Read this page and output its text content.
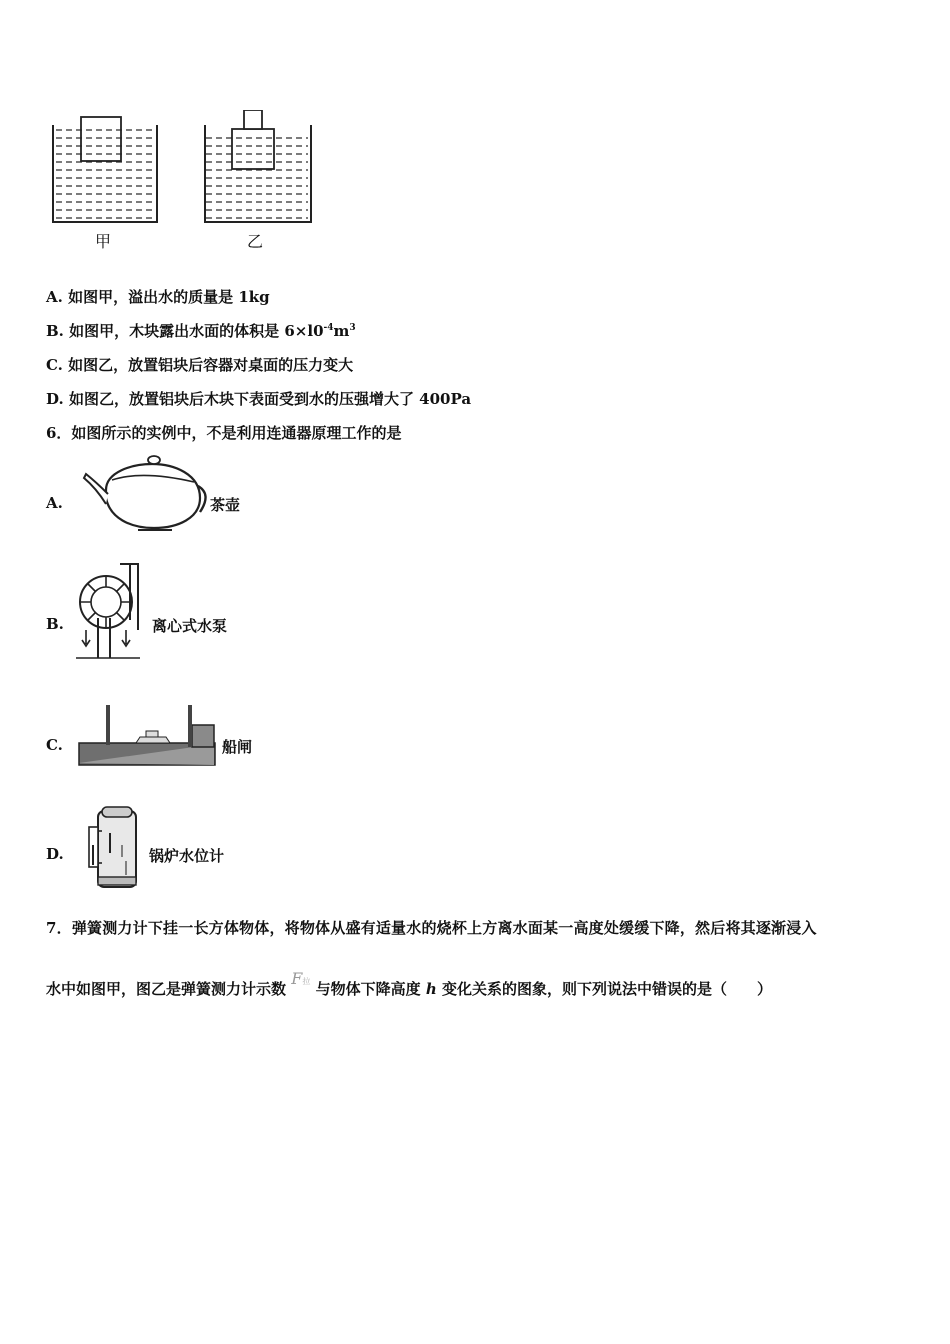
甲	乙
A. 如图甲，溢出水的质量是 1kg
B. 如图甲，木块露出水面的体积是 $6\times l0^{-4}m^3$
C. 如图乙，放置铝块后容器对桌面的压力变大
D. 如图乙，放置铝块后木块下表面受到水的压强增大了 400Pa
6．如图所示的实例中，不是利用连通器原理工作的是
A.	茶壶
B.	离心式水泵
C.	船闸
D.	锅炉水位计
7．弹簧测力计下挂一长方体物体，将物体从盛有适量水的烧杯上方离水面某一高度处缓缓下降，然后将其逐渐浸入
水中如图甲，图乙是弹簧测力计示数 F拉 与物体下降高度 h 变化关系的图象，则下列说法中错误的是（　　）
